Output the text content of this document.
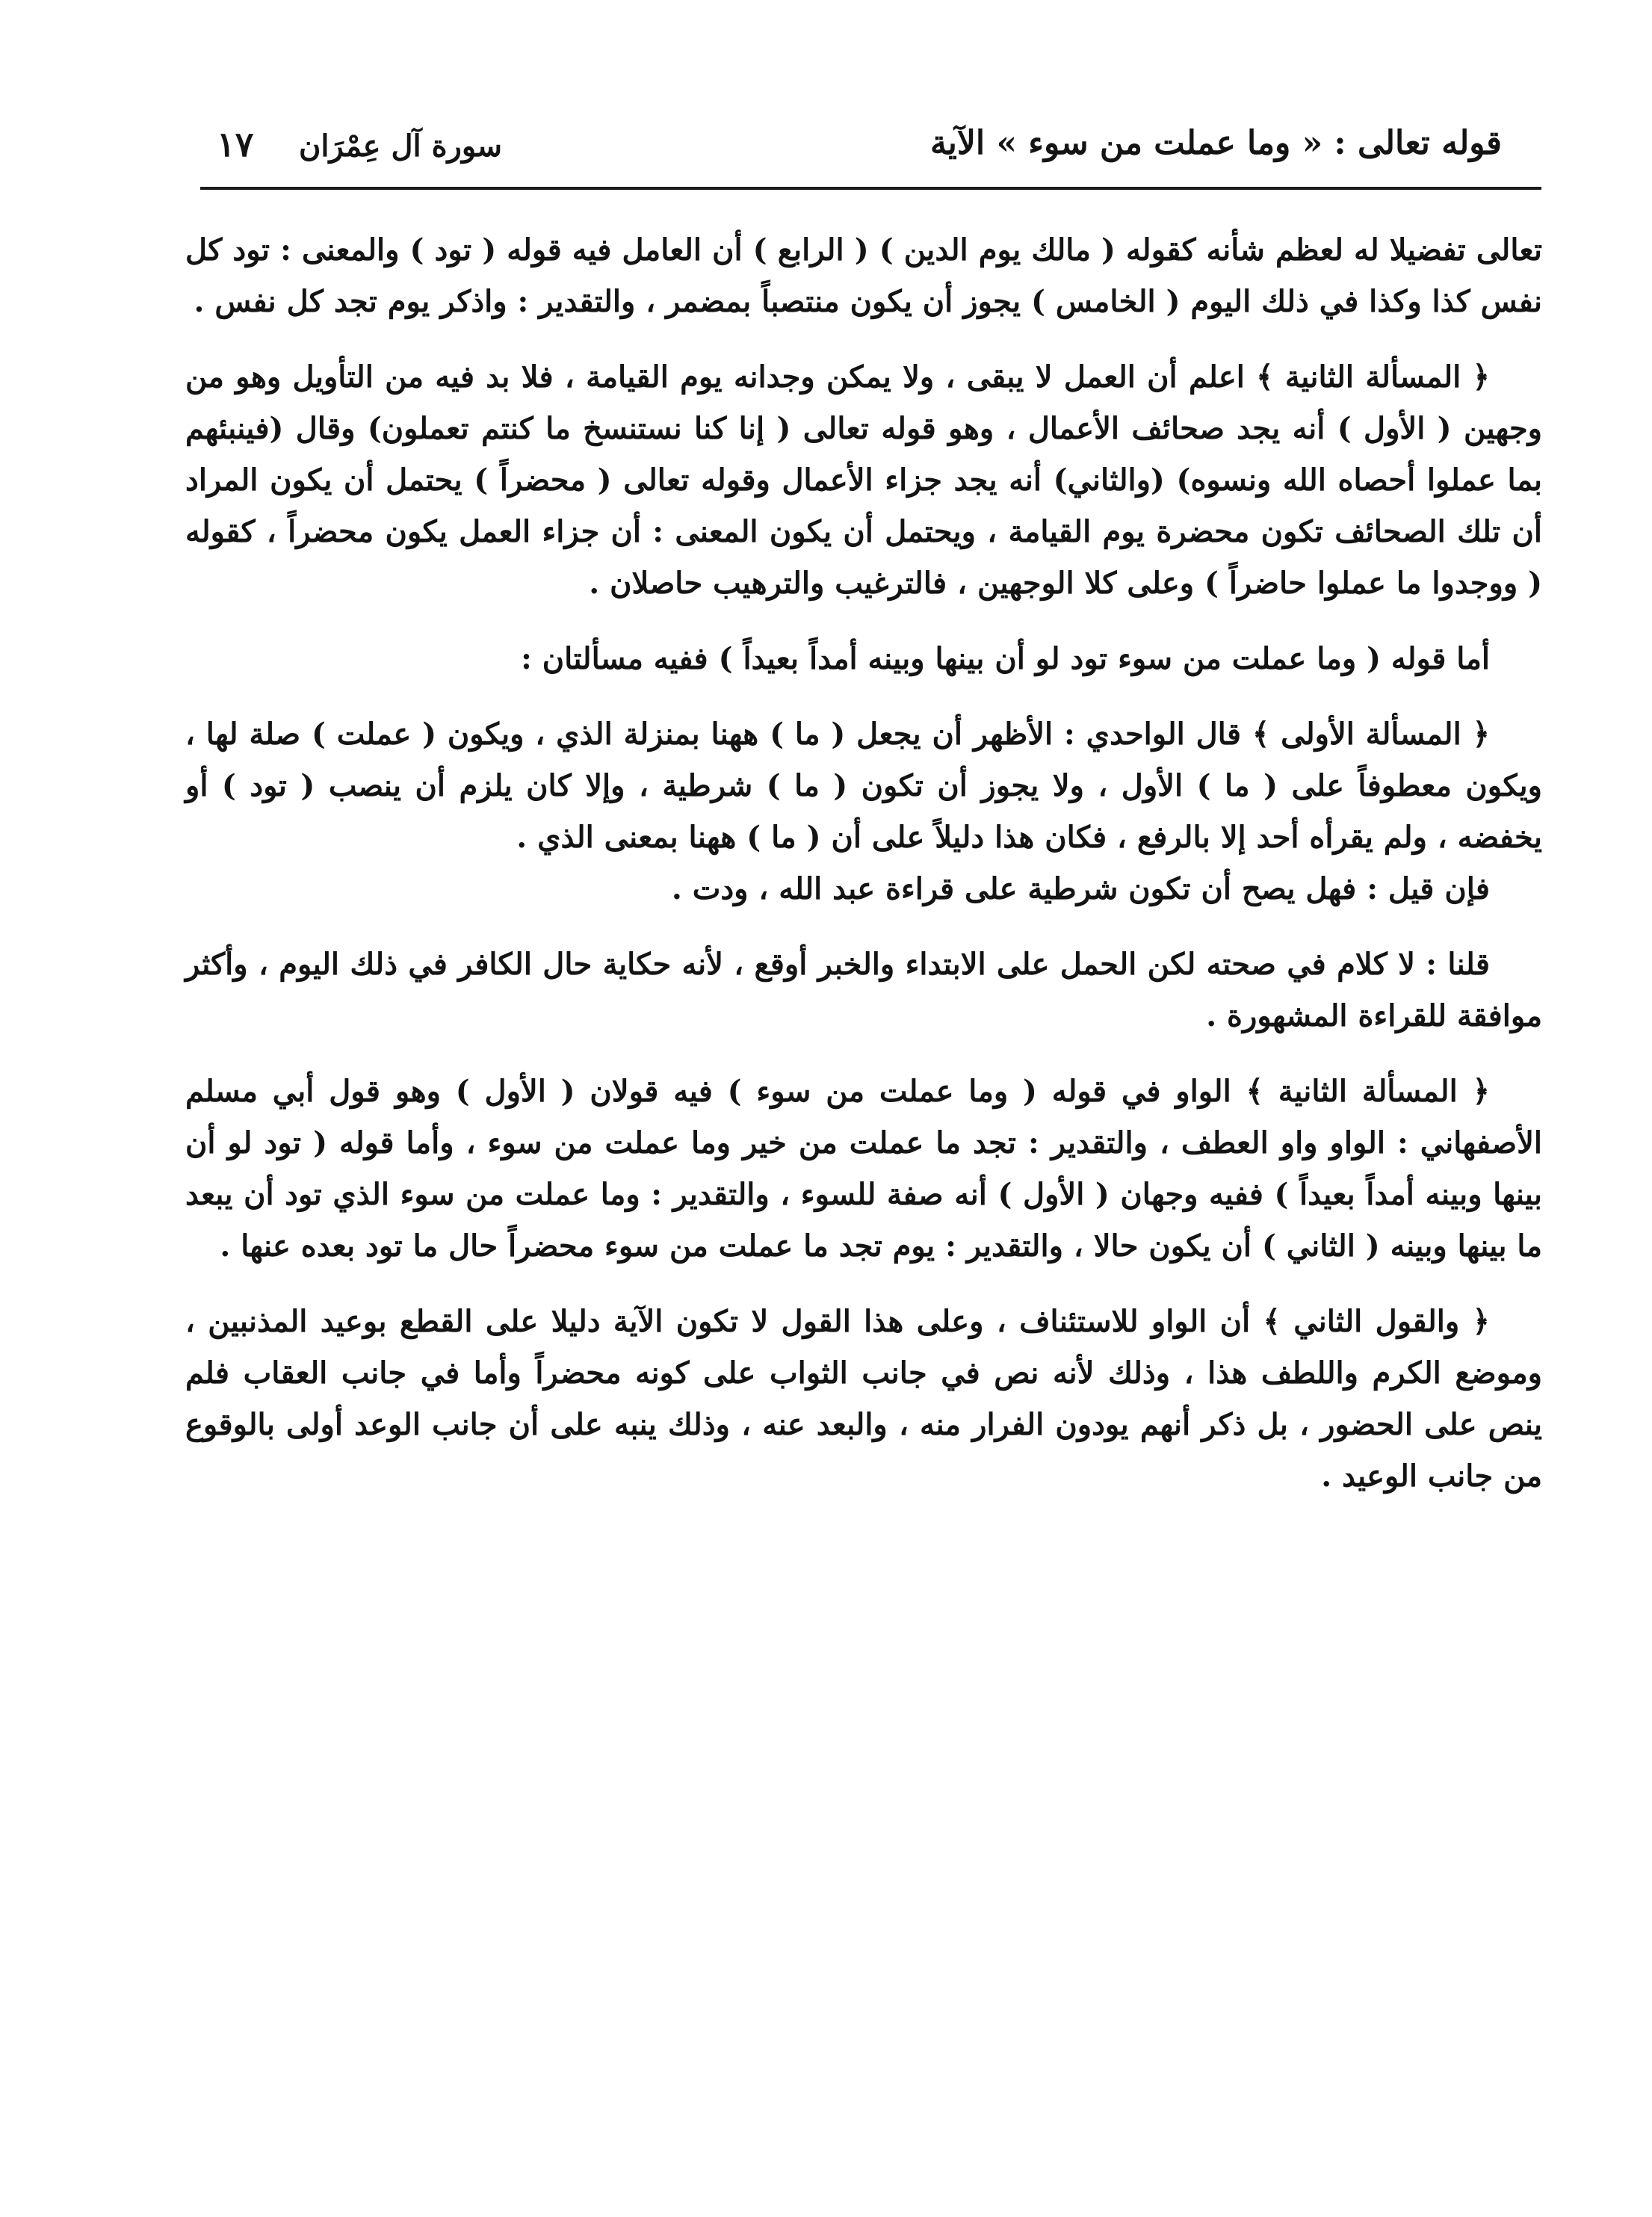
قوله تعالى : « وما عملت من سوء » الآية
سورة آل عِمْرَان
١٧

تعالى تفضيلا له لعظم شأنه كقوله ( مالك يوم الدين ) ( الرابع ) أن العامل فيه قوله ( تود ) والمعنى : تود كل نفس كذا وكذا في ذلك اليوم ( الخامس ) يجوز أن يكون منتصباً بمضمر ، والتقدير : واذكر يوم تجد كل نفس .

﴿ المسألة الثانية ﴾ اعلم أن العمل لا يبقى ، ولا يمكن وجدانه يوم القيامة ، فلا بد فيه من التأويل وهو من وجهين ( الأول ) أنه يجد صحائف الأعمال ، وهو قوله تعالى ( إنا كنا نستنسخ ما كنتم تعملون) وقال (فينبئهم بما عملوا أحصاه الله ونسوه) (والثاني) أنه يجد جزاء الأعمال وقوله تعالى ( محضراً ) يحتمل أن يكون المراد أن تلك الصحائف تكون محضرة يوم القيامة ، ويحتمل أن يكون المعنى : أن جزاء العمل يكون محضراً ، كقوله ( ووجدوا ما عملوا حاضراً ) وعلى كلا الوجهين ، فالترغيب والترهيب حاصلان .

أما قوله ( وما عملت من سوء تود لو أن بينها وبينه أمداً بعيداً ) ففيه مسألتان :

﴿ المسألة الأولى ﴾ قال الواحدي : الأظهر أن يجعل ( ما ) ههنا بمنزلة الذي ، ويكون ( عملت ) صلة لها ، ويكون معطوفاً على ( ما ) الأول ، ولا يجوز أن تكون ( ما ) شرطية ، وإلا كان يلزم أن ينصب ( تود ) أو يخفضه ، ولم يقرأه أحد إلا بالرفع ، فكان هذا دليلاً على أن ( ما ) ههنا بمعنى الذي .

فإن قيل : فهل يصح أن تكون شرطية على قراءة عبد الله ، ودت .

قلنا : لا كلام في صحته لكن الحمل على الابتداء والخبر أوقع ، لأنه حكاية حال الكافر في ذلك اليوم ، وأكثر موافقة للقراءة المشهورة .

﴿ المسألة الثانية ﴾ الواو في قوله ( وما عملت من سوء ) فيه قولان ( الأول ) وهو قول أبي مسلم الأصفهاني : الواو واو العطف ، والتقدير : تجد ما عملت من خير وما عملت من سوء ، وأما قوله ( تود لو أن بينها وبينه أمداً بعيداً ) ففيه وجهان ( الأول ) أنه صفة للسوء ، والتقدير : وما عملت من سوء الذي تود أن يبعد ما بينها وبينه ( الثاني ) أن يكون حالا ، والتقدير : يوم تجد ما عملت من سوء محضراً حال ما تود بعده عنها .

﴿ والقول الثاني ﴾ أن الواو للاستئناف ، وعلى هذا القول لا تكون الآية دليلا على القطع بوعيد المذنبين ، وموضع الكرم واللطف هذا ، وذلك لأنه نص في جانب الثواب على كونه محضراً وأما في جانب العقاب فلم ينص على الحضور ، بل ذكر أنهم يودون الفرار منه ، والبعد عنه ، وذلك ينبه على أن جانب الوعد أولى بالوقوع من جانب الوعيد .
